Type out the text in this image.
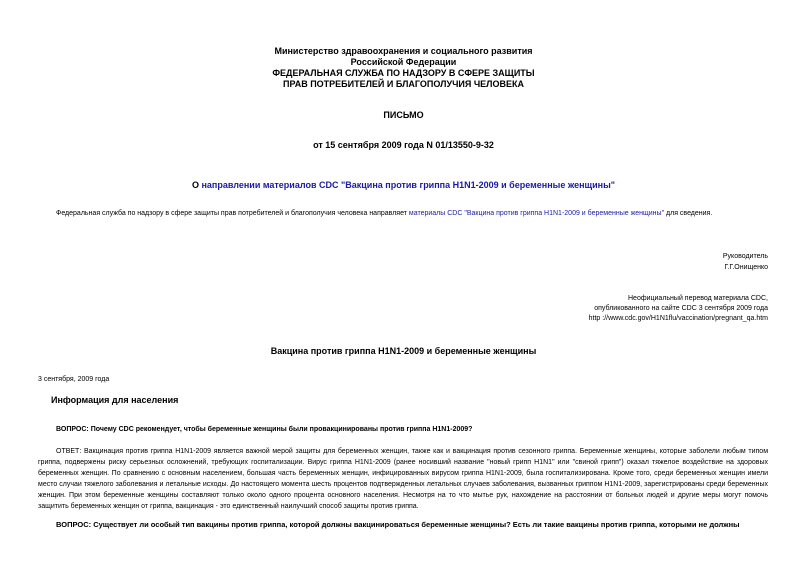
Министерство здравоохранения и социального развития
Российской Федерации
ФЕДЕРАЛЬНАЯ СЛУЖБА ПО НАДЗОРУ В СФЕРЕ ЗАЩИТЫ
ПРАВ ПОТРЕБИТЕЛЕЙ И БЛАГОПОЛУЧИЯ ЧЕЛОВЕКА
ПИСЬМО
от 15 сентября 2009 года N 01/13550-9-32
О направлении материалов CDC "Вакцина против гриппа H1N1-2009 и беременные женщины"
Федеральная служба по надзору в сфере защиты прав потребителей и благополучия человека направляет материалы CDC "Вакцина против гриппа H1N1-2009 и беременные женщины" для сведения.
Руководитель
Г.Г.Онищенко
Неофициальный перевод материала CDC,
опубликованного на сайте CDC 3 сентября 2009 года
http ://www.cdc.gov/H1N1flu/vaccination/pregnant_qa.htm
Вакцина против гриппа H1N1-2009 и беременные женщины
3 сентября, 2009 года
Информация для населения
ВОПРОС: Почему CDC рекомендует, чтобы беременные женщины были провакцинированы против гриппа H1N1-2009?
ОТВЕТ: Вакцинация против гриппа H1N1-2009 является важной мерой защиты для беременных женщин, также как и вакцинация против сезонного гриппа. Беременные женщины, которые заболели любым типом гриппа, подвержены риску серьезных осложнений, требующих госпитализации. Вирус гриппа H1N1-2009 (ранее носивший название "новый грипп H1N1" или "свиной грипп") оказал тяжелое воздействие на здоровых беременных женщин. По сравнению с основным населением, большая часть беременных женщин, инфицированных вирусом гриппа H1N1-2009, была госпитализирована. Кроме того, среди беременных женщин имели место случаи тяжелого заболевания и летальные исходы. До настоящего момента шесть процентов подтвержденных летальных случаев заболевания, вызванных гриппом H1N1-2009, зарегистрированы среди беременных женщин. При этом беременные женщины составляют только около одного процента основного населения. Несмотря на то что мытье рук, нахождение на расстоянии от больных людей и другие меры могут помочь защитить беременных женщин от гриппа, вакцинация - это единственный наилучший способ защиты против гриппа.
ВОПРОС: Существует ли особый тип вакцины против гриппа, которой должны вакцинироваться беременные женщины? Есть ли такие вакцины против гриппа, которыми не должны
